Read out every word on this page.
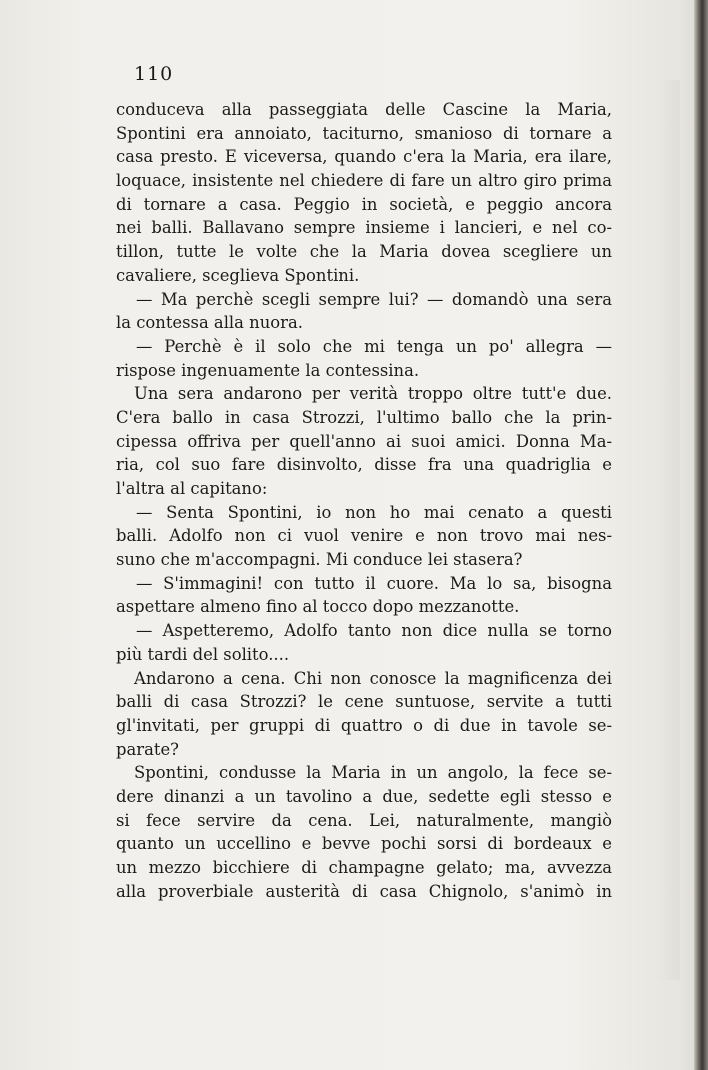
110
conduceva alla passeggiata delle Cascine la Maria,
Spontini era annoiato, taciturno, smanioso di tornare a
casa presto. E viceversa, quando c'era la Maria, era ilare,
loquace, insistente nel chiedere di fare un altro giro prima
di tornare a casa. Peggio in società, e peggio ancora
nei balli. Ballavano sempre insieme i lancieri, e nel co-
tillon, tutte le volte che la Maria dovea scegliere un
cavaliere, sceglieva Spontini.
— Ma perchè scegli sempre lui? — domandò una sera
la contessa alla nuora.
— Perchè è il solo che mi tenga un po' allegra —
rispose ingenuamente la contessina.
Una sera andarono per verità troppo oltre tutt'e due.
C'era ballo in casa Strozzi, l'ultimo ballo che la prin-
cipessa offriva per quell'anno ai suoi amici. Donna Ma-
ria, col suo fare disinvolto, disse fra una quadriglia e
l'altra al capitano:
— Senta Spontini, io non ho mai cenato a questi
balli. Adolfo non ci vuol venire e non trovo mai nes-
suno che m'accompagni. Mi conduce lei stasera?
— S'immagini! con tutto il cuore. Ma lo sa, bisogna
aspettare almeno fino al tocco dopo mezzanotte.
— Aspetteremo, Adolfo tanto non dice nulla se torno
più tardi del solito....
Andarono a cena. Chi non conosce la magnificenza dei
balli di casa Strozzi? le cene suntuose, servite a tutti
gl'invitati, per gruppi di quattro o di due in tavole se-
parate?
Spontini, condusse la Maria in un angolo, la fece se-
dere dinanzi a un tavolino a due, sedette egli stesso e
si fece servire da cena. Lei, naturalmente, mangiò
quanto un uccellino e bevve pochi sorsi di bordeaux e
un mezzo bicchiere di champagne gelato; ma, avvezza
alla proverbiale austerità di casa Chignolo, s'animò in
